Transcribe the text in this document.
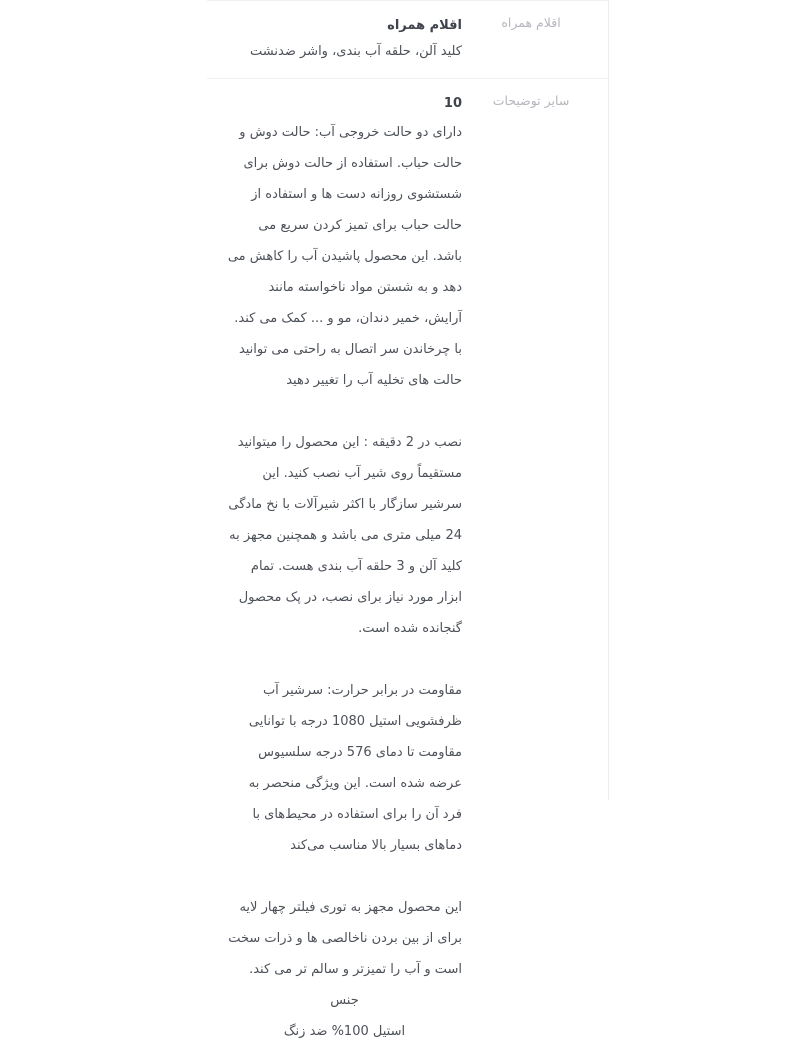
اقلام همراه
اقلام همراه
کلید آلن، حلقه آب بندی، واشر ضدنشت
سایر توضیحات
10

دارای دو حالت خروجی آب: حالت دوش و حالت حباب. استفاده از حالت دوش برای شستشوی روزانه دست ها و استفاده از حالت حباب برای تمیز کردن سریع می باشد. این محصول پاشیدن آب را کاهش می دهد و به شستن مواد ناخواسته مانند آرایش، خمیر دندان، مو و ... کمک می کند. با چرخاندن سر اتصال به راحتی می توانید حالت های تخلیه آب را تغییر دهید

نصب در 2 دقیقه : این محصول را میتوانید مستقیماً روی شیر آب نصب کنید. این سرشیر سازگار با اکثر شیرآلات با نخ مادگی 24 میلی متری می باشد و همچنین مجهز به کلید آلن و 3 حلقه آب بندی هست. تمام ابزار مورد نیاز برای نصب، در پک محصول گنجانده شده است.

مقاومت در برابر حرارت: سرشیر آب ظرفشویی استیل 1080 درجه با توانایی مقاومت تا دمای 576 درجه سلسیوس عرضه شده است. این ویژگی منحصر به فرد آن را برای استفاده در محیط‌های با دماهای بسیار بالا مناسب می‌کند

این محصول مجهز به توری فیلتر چهار لایه برای از بین بردن ناخالصی ها و ذرات سخت است و آب را تمیزتر و سالم تر می کند.

جنس

استیل 100% ضد زنگ
